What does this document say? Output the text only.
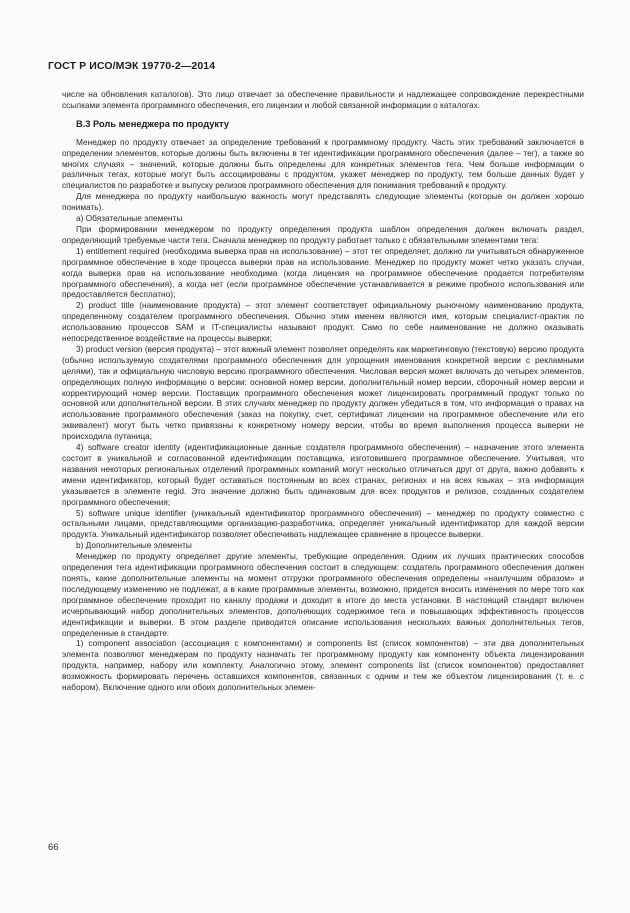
ГОСТ Р ИСО/МЭК 19770-2—2014

числе на обновления каталогов). Это лицо отвечает за обеспечение правильности и надлежащее сопровождение перекрестными ссылками элемента программного обеспечения, его лицензии и любой связанной информации о каталогах.

B.3 Роль менеджера по продукту

Менеджер по продукту отвечает за определение требований к программному продукту. Часть этих требований заключается в определении элементов, которые должны быть включены в тег идентификации программного обеспечения (далее – тег), а также во многих случаях – значений, которые должны быть определены для конкретных элементов тега. Чем больше информации о различных тегах, которые могут быть ассоциированы с продуктом, укажет менеджер по продукту, тем больше данных будет у специалистов по разработке и выпуску релизов программного обеспечения для понимания требований к продукту.

Для менеджера по продукту наибольшую важность могут представлять следующие элементы (которые он должен хорошо понимать).

а) Обязательные элементы

При формировании менеджером по продукту определения продукта шаблон определения должен включать раздел, определяющий требуемые части тега. Сначала менеджер по продукту работает только с обязательными элементами тега:

1) entitlement required (необходима выверка прав на использование) – этот тег определяет, должно ли учитываться обнаруженное программное обеспечение в ходе процесса выверки прав на использование. Менеджер по продукту может четко указать случаи, когда выверка прав на использование необходима (когда лицензия на программное обеспечение продается потребителям программного обеспечения), а когда нет (если программное обеспечение устанавливается в режиме пробного использования или предоставляется бесплатно);

2) product title (наименование продукта) – этот элемент соответствует официальному рыночному наименованию продукта, определенному создателем программного обеспечения. Обычно этим именем являются имя, которым специалист-практик по использованию процессов SAM и IT-специалисты называют продукт. Само по себе наименование не должно оказывать непосредственное воздействие на процессы выверки;

3) product version (версия продукта) – этот важный элемент позволяет определять как маркетинговую (текстовую) версию продукта (обычно используемую создателями программного обеспечения для упрощения именования конкретной версии с рекламными целями), так и официальную числовую версию программного обеспечения. Числовая версия может включать до четырех элементов, определяющих полную информацию о версии: основной номер версии, дополнительный номер версии, сборочный номер версии и корректирующий номер версии. Поставщик программного обеспечения может лицензировать программный продукт только по основной или дополнительной версии. В этих случаях менеджер по продукту должен убедиться в том, что информация о правах на использование программного обеспечения (заказ на покупку, счет, сертификат лицензии на программное обеспечение или его эквивалент) могут быть четко привязаны к конкретному номеру версии, чтобы во время выполнения процесса выверки не происходила путаница;

4) software creator identity (идентификационные данные создателя программного обеспечения) – назначение этого элемента состоит в уникальной и согласованной идентификации поставщика, изготовившего программное обеспечение. Учитывая, что названия некоторых региональных отделений программных компаний могут несколько отличаться друг от друга, важно добавить к имени идентификатор, который будет оставаться постоянным во всех странах, регионах и на всех языках – эта информация указывается в элементе regid. Это значение должно быть одинаковым для всех продуктов и релизов, созданных создателем программного обеспечения;

5) software unique identifier (уникальный идентификатор программного обеспечения) – менеджер по продукту совместно с остальными лицами, представляющими организацию-разработчика, определяет уникальный идентификатор для каждой версии продукта. Уникальный идентификатор позволяет обеспечивать надлежащее сравнение в процессе выверки.

b) Дополнительные элементы

Менеджер по продукту определяет другие элементы, требующие определения. Одним их лучших практических способов определения тега идентификации программного обеспечения состоит в следующем: создатель программного обеспечения должен понять, какие дополнительные элементы на момент отгрузки программного обеспечения определены «наилучшим образом» и последующему изменению не подлежат, а в какие программные элементы, возможно, придется вносить изменения по мере того как программное обеспечение проходит по каналу продажи и доходит в итоге до места установки. В настоящий стандарт включен исчерпывающий набор дополнительных элементов, дополняющих содержимое тега и повышающих эффективность процессов идентификации и выверки. В этом разделе приводится описание использования нескольких важных дополнительных тегов, определенные в стандарте:

1) component association (ассоциация с компонентами) и components list (список компонентов) – эти два дополнительных элемента позволяют менеджерам по продукту назначать тег программному продукту как компоненту объекта лицензирования продукта, например, набору или комплекту. Аналогично этому, элемент components list (список компонентов) предоставляет возможность формировать перечень оставшихся компонентов, связанных с одним и тем же объектом лицензирования (т. е. с набором). Включение одного или обоих дополнительных элемен-

66
